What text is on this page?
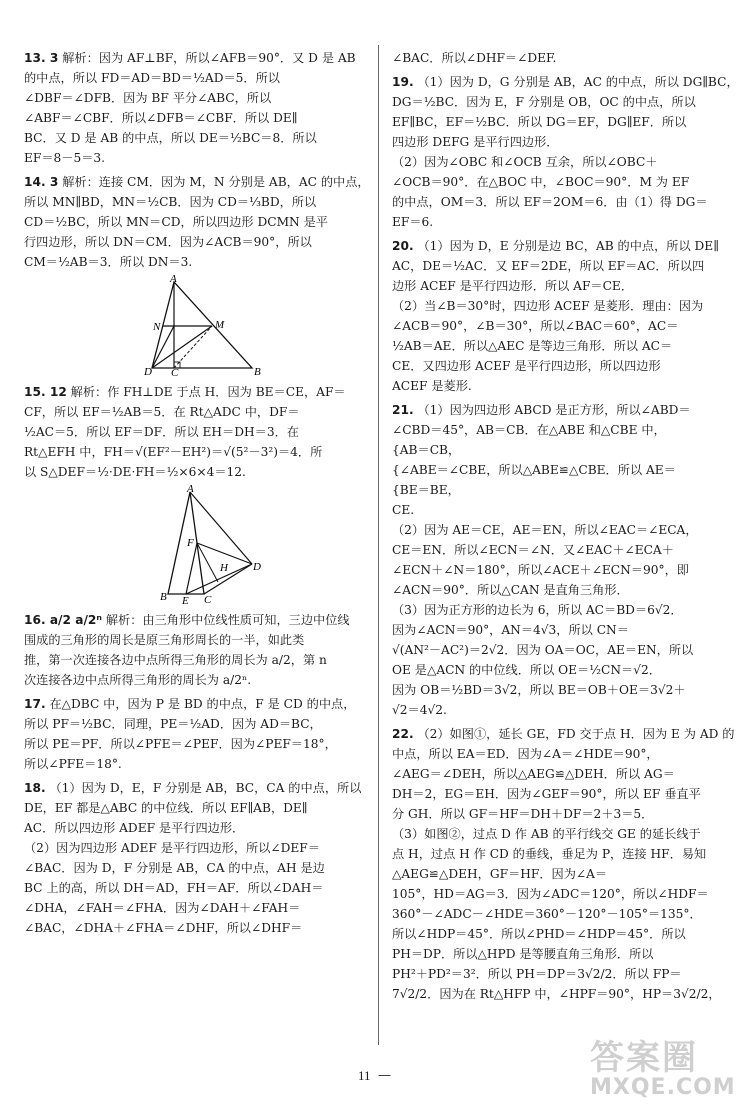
13. 3 解析：因为 AF⊥BF，所以∠AFB＝90°．又 D 是 AB
的中点，所以 FD＝AD＝BD＝½AD＝5．所以
∠DBF＝∠DFB．因为 BF 平分∠ABC，所以
∠ABF＝∠CBF．所以∠DFB＝∠CBF．所以 DE∥
BC．又 D 是 AB 的中点，所以 DE＝½BC＝8．所以
EF＝8－5＝3.
14. 3 解析：连接 CM．因为 M，N 分别是 AB，AC 的中点，
所以 MN∥BD，MN＝½CB．因为 CD＝⅓BD，所以
CD＝½BC，所以 MN＝CD，所以四边形 DCMN 是平
行四边形，所以 DN＝CM．因为∠ACB＝90°，所以
CM＝½AB＝3．所以 DN＝3.
A
N	M
D C	B
15. 12 解析：作 FH⊥DE 于点 H．因为 BE＝CE，AF＝
CF，所以 EF＝½AB＝5．在 Rt△ADC 中，DF＝
½AC＝5．所以 EF＝DF．所以 EH＝DH＝3．在
Rt△EFH 中，FH＝√(EF²－EH²)＝√(5²－3²)＝4．所
以 S△DEF＝½·DE·FH＝½×6×4＝12.
A
F
H D
B E C
16. a/2 a/2ⁿ 解析：由三角形中位线性质可知，三边中位线
围成的三角形的周长是原三角形周长的一半，如此类
推，第一次连接各边中点所得三角形的周长为 a/2，第 n
次连接各边中点所得三角形的周长为 a/2ⁿ.
17. 在△DBC 中，因为 P 是 BD 的中点，F 是 CD 的中点，
所以 PF＝½BC．同理，PE＝½AD．因为 AD＝BC，
所以 PE＝PF．所以∠PFE＝∠PEF．因为∠PEF＝18°，
所以∠PFE＝18°.
18. （1）因为 D，E，F 分别是 AB，BC，CA 的中点，所以
DE，EF 都是△ABC 的中位线．所以 EF∥AB，DE∥
AC．所以四边形 ADEF 是平行四边形．
（2）因为四边形 ADEF 是平行四边形，所以∠DEF＝
∠BAC．因为 D，F 分别是 AB，CA 的中点，AH 是边
BC 上的高，所以 DH＝AD，FH＝AF．所以∠DAH＝
∠DHA，∠FAH＝∠FHA．因为∠DAH＋∠FAH＝
∠BAC，∠DHA＋∠FHA＝∠DHF，所以∠DHF＝
∠BAC．所以∠DHF＝∠DEF.
19. （1）因为 D，G 分别是 AB，AC 的中点，所以 DG∥BC，
DG＝½BC．因为 E，F 分别是 OB，OC 的中点，所以
EF∥BC，EF＝½BC．所以 DG＝EF，DG∥EF．所以
四边形 DEFG 是平行四边形．
（2）因为∠OBC 和∠OCB 互余，所以∠OBC＋
∠OCB＝90°．在△BOC 中，∠BOC＝90°．M 为 EF
的中点，OM＝3．所以 EF＝2OM＝6．由（1）得 DG＝
EF＝6.
20. （1）因为 D，E 分别是边 BC，AB 的中点，所以 DE∥
AC，DE＝½AC．又 EF＝2DE，所以 EF＝AC．所以四
边形 ACEF 是平行四边形．所以 AF＝CE．
（2）当∠B＝30°时，四边形 ACEF 是菱形．理由：因为
∠ACB＝90°，∠B＝30°，所以∠BAC＝60°，AC＝
½AB＝AE．所以△AEC 是等边三角形．所以 AC＝
CE．又四边形 ACEF 是平行四边形，所以四边形
ACEF 是菱形.
21. （1）因为四边形 ABCD 是正方形，所以∠ABD＝
∠CBD＝45°，AB＝CB．在△ABE 和△CBE 中，
{AB＝CB，
{∠ABE＝∠CBE，所以△ABE≌△CBE．所以 AE＝
{BE＝BE，
CE.
（2）因为 AE＝CE，AE＝EN，所以∠EAC＝∠ECA，
CE＝EN．所以∠ECN＝∠N．又∠EAC＋∠ECA＋
∠ECN＋∠N＝180°，所以∠ACE＋∠ECN＝90°，即
∠ACN＝90°．所以△CAN 是直角三角形．
（3）因为正方形的边长为 6，所以 AC＝BD＝6√2．
因为∠ACN＝90°，AN＝4√3，所以 CN＝
√(AN²－AC²)＝2√2．因为 OA＝OC，AE＝EN，所以
OE 是△ACN 的中位线．所以 OE＝½CN＝√2．
因为 OB＝½BD＝3√2，所以 BE＝OB＋OE＝3√2＋
√2＝4√2.
22. （2）如图①，延长 GE，FD 交于点 H．因为 E 为 AD 的
中点，所以 EA＝ED．因为∠A＝∠HDE＝90°，
∠AEG＝∠DEH，所以△AEG≌△DEH．所以 AG＝
DH＝2，EG＝EH．因为∠GEF＝90°，所以 EF 垂直平
分 GH．所以 GF＝HF＝DH＋DF＝2＋3＝5．
（3）如图②，过点 D 作 AB 的平行线交 GE 的延长线于
点 H，过点 H 作 CD 的垂线，垂足为 P，连接 HF．易知
△AEG≌△DEH，GF＝HF．因为∠A＝
105°，HD＝AG＝3．因为∠ADC＝120°，所以∠HDF＝
360°－∠ADC－∠HDE＝360°－120°－105°＝135°．
所以∠HDP＝45°．所以∠PHD＝∠HDP＝45°．所以
PH＝DP．所以△HPD 是等腰直角三角形．所以
PH²＋PD²＝3²．所以 PH＝DP＝3√2/2．所以 FP＝
7√2/2．因为在 Rt△HFP 中，∠HPF＝90°，HP＝3√2/2，
11 —	答案圈
MXQE.COM
